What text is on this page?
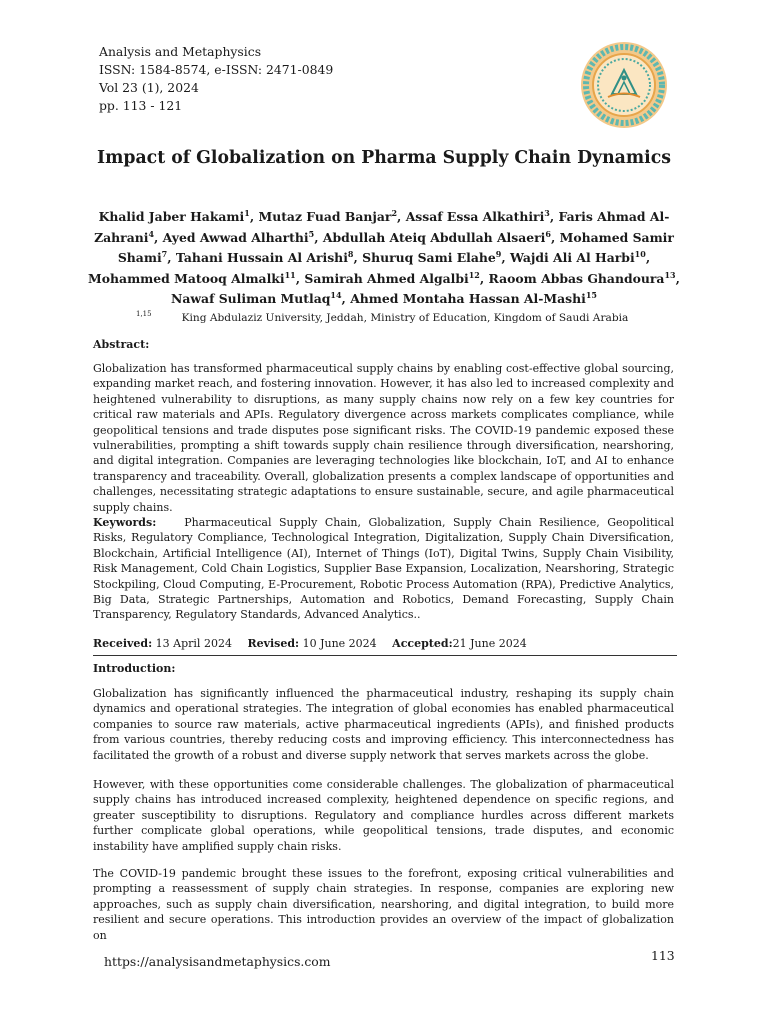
Analysis and Metaphysics
ISSN: 1584-8574, e-ISSN: 2471-0849
Vol 23 (1), 2024
pp. 113 - 121
Impact of Globalization on Pharma Supply Chain Dynamics
Khalid Jaber Hakami$^1$, Mutaz Fuad Banjar$^2$, Assaf Essa Alkathiri$^3$, Faris Ahmad Al-Zahrani$^4$, Ayed Awwad Alharthi$^5$, Abdullah Ateiq Abdullah Alsaeri$^6$, Mohamed Samir Shami$^7$, Tahani Hussain Al Arishi$^8$, Shuruq Sami Elahe$^9$, Wajdi Ali Al Harbi$^{10}$, Mohammed Matooq Almalki$^{11}$, Samirah Ahmed Algalbi$^{12}$, Raoom Abbas Ghandoura$^{13}$, Nawaf Suliman Mutlaq$^{14}$, Ahmed Montaha Hassan Al-Mashi$^{15}$
$^{1,15}$	King Abdulaziz University, Jeddah, Ministry of Education, Kingdom of Saudi Arabia
Abstract:
Globalization has transformed pharmaceutical supply chains by enabling cost-effective global sourcing, expanding market reach, and fostering innovation. However, it has also led to increased complexity and heightened vulnerability to disruptions, as many supply chains now rely on a few key countries for critical raw materials and APIs. Regulatory divergence across markets complicates compliance, while geopolitical tensions and trade disputes pose significant risks. The COVID-19 pandemic exposed these vulnerabilities, prompting a shift towards supply chain resilience through diversification, nearshoring, and digital integration. Companies are leveraging technologies like blockchain, IoT, and AI to enhance transparency and traceability. Overall, globalization presents a complex landscape of opportunities and challenges, necessitating strategic adaptations to ensure sustainable, secure, and agile pharmaceutical supply chains.
Keywords:	Pharmaceutical Supply Chain, Globalization, Supply Chain Resilience, Geopolitical Risks, Regulatory Compliance, Technological Integration, Digitalization, Supply Chain Diversification, Blockchain, Artificial Intelligence (AI), Internet of Things (IoT), Digital Twins, Supply Chain Visibility, Risk Management, Cold Chain Logistics, Supplier Base Expansion, Localization, Nearshoring, Strategic Stockpiling, Cloud Computing, E-Procurement, Robotic Process Automation (RPA), Predictive Analytics, Big Data, Strategic Partnerships, Automation and Robotics, Demand Forecasting, Supply Chain Transparency, Regulatory Standards, Advanced Analytics..
Received: 13 April 2024 Revised: 10 June 2024 Accepted:21 June 2024
Introduction:
Globalization has significantly influenced the pharmaceutical industry, reshaping its supply chain dynamics and operational strategies. The integration of global economies has enabled pharmaceutical companies to source raw materials, active pharmaceutical ingredients (APIs), and finished products from various countries, thereby reducing costs and improving efficiency. This interconnectedness has facilitated the growth of a robust and diverse supply network that serves markets across the globe.
However, with these opportunities come considerable challenges. The globalization of pharmaceutical supply chains has introduced increased complexity, heightened dependence on specific regions, and greater susceptibility to disruptions. Regulatory and compliance hurdles across different markets further complicate global operations, while geopolitical tensions, trade disputes, and economic instability have amplified supply chain risks.
The COVID-19 pandemic brought these issues to the forefront, exposing critical vulnerabilities and prompting a reassessment of supply chain strategies. In response, companies are exploring new approaches, such as supply chain diversification, nearshoring, and digital integration, to build more resilient and secure operations. This introduction provides an overview of the impact of globalization on
https://analysisandmetaphysics.com	113
